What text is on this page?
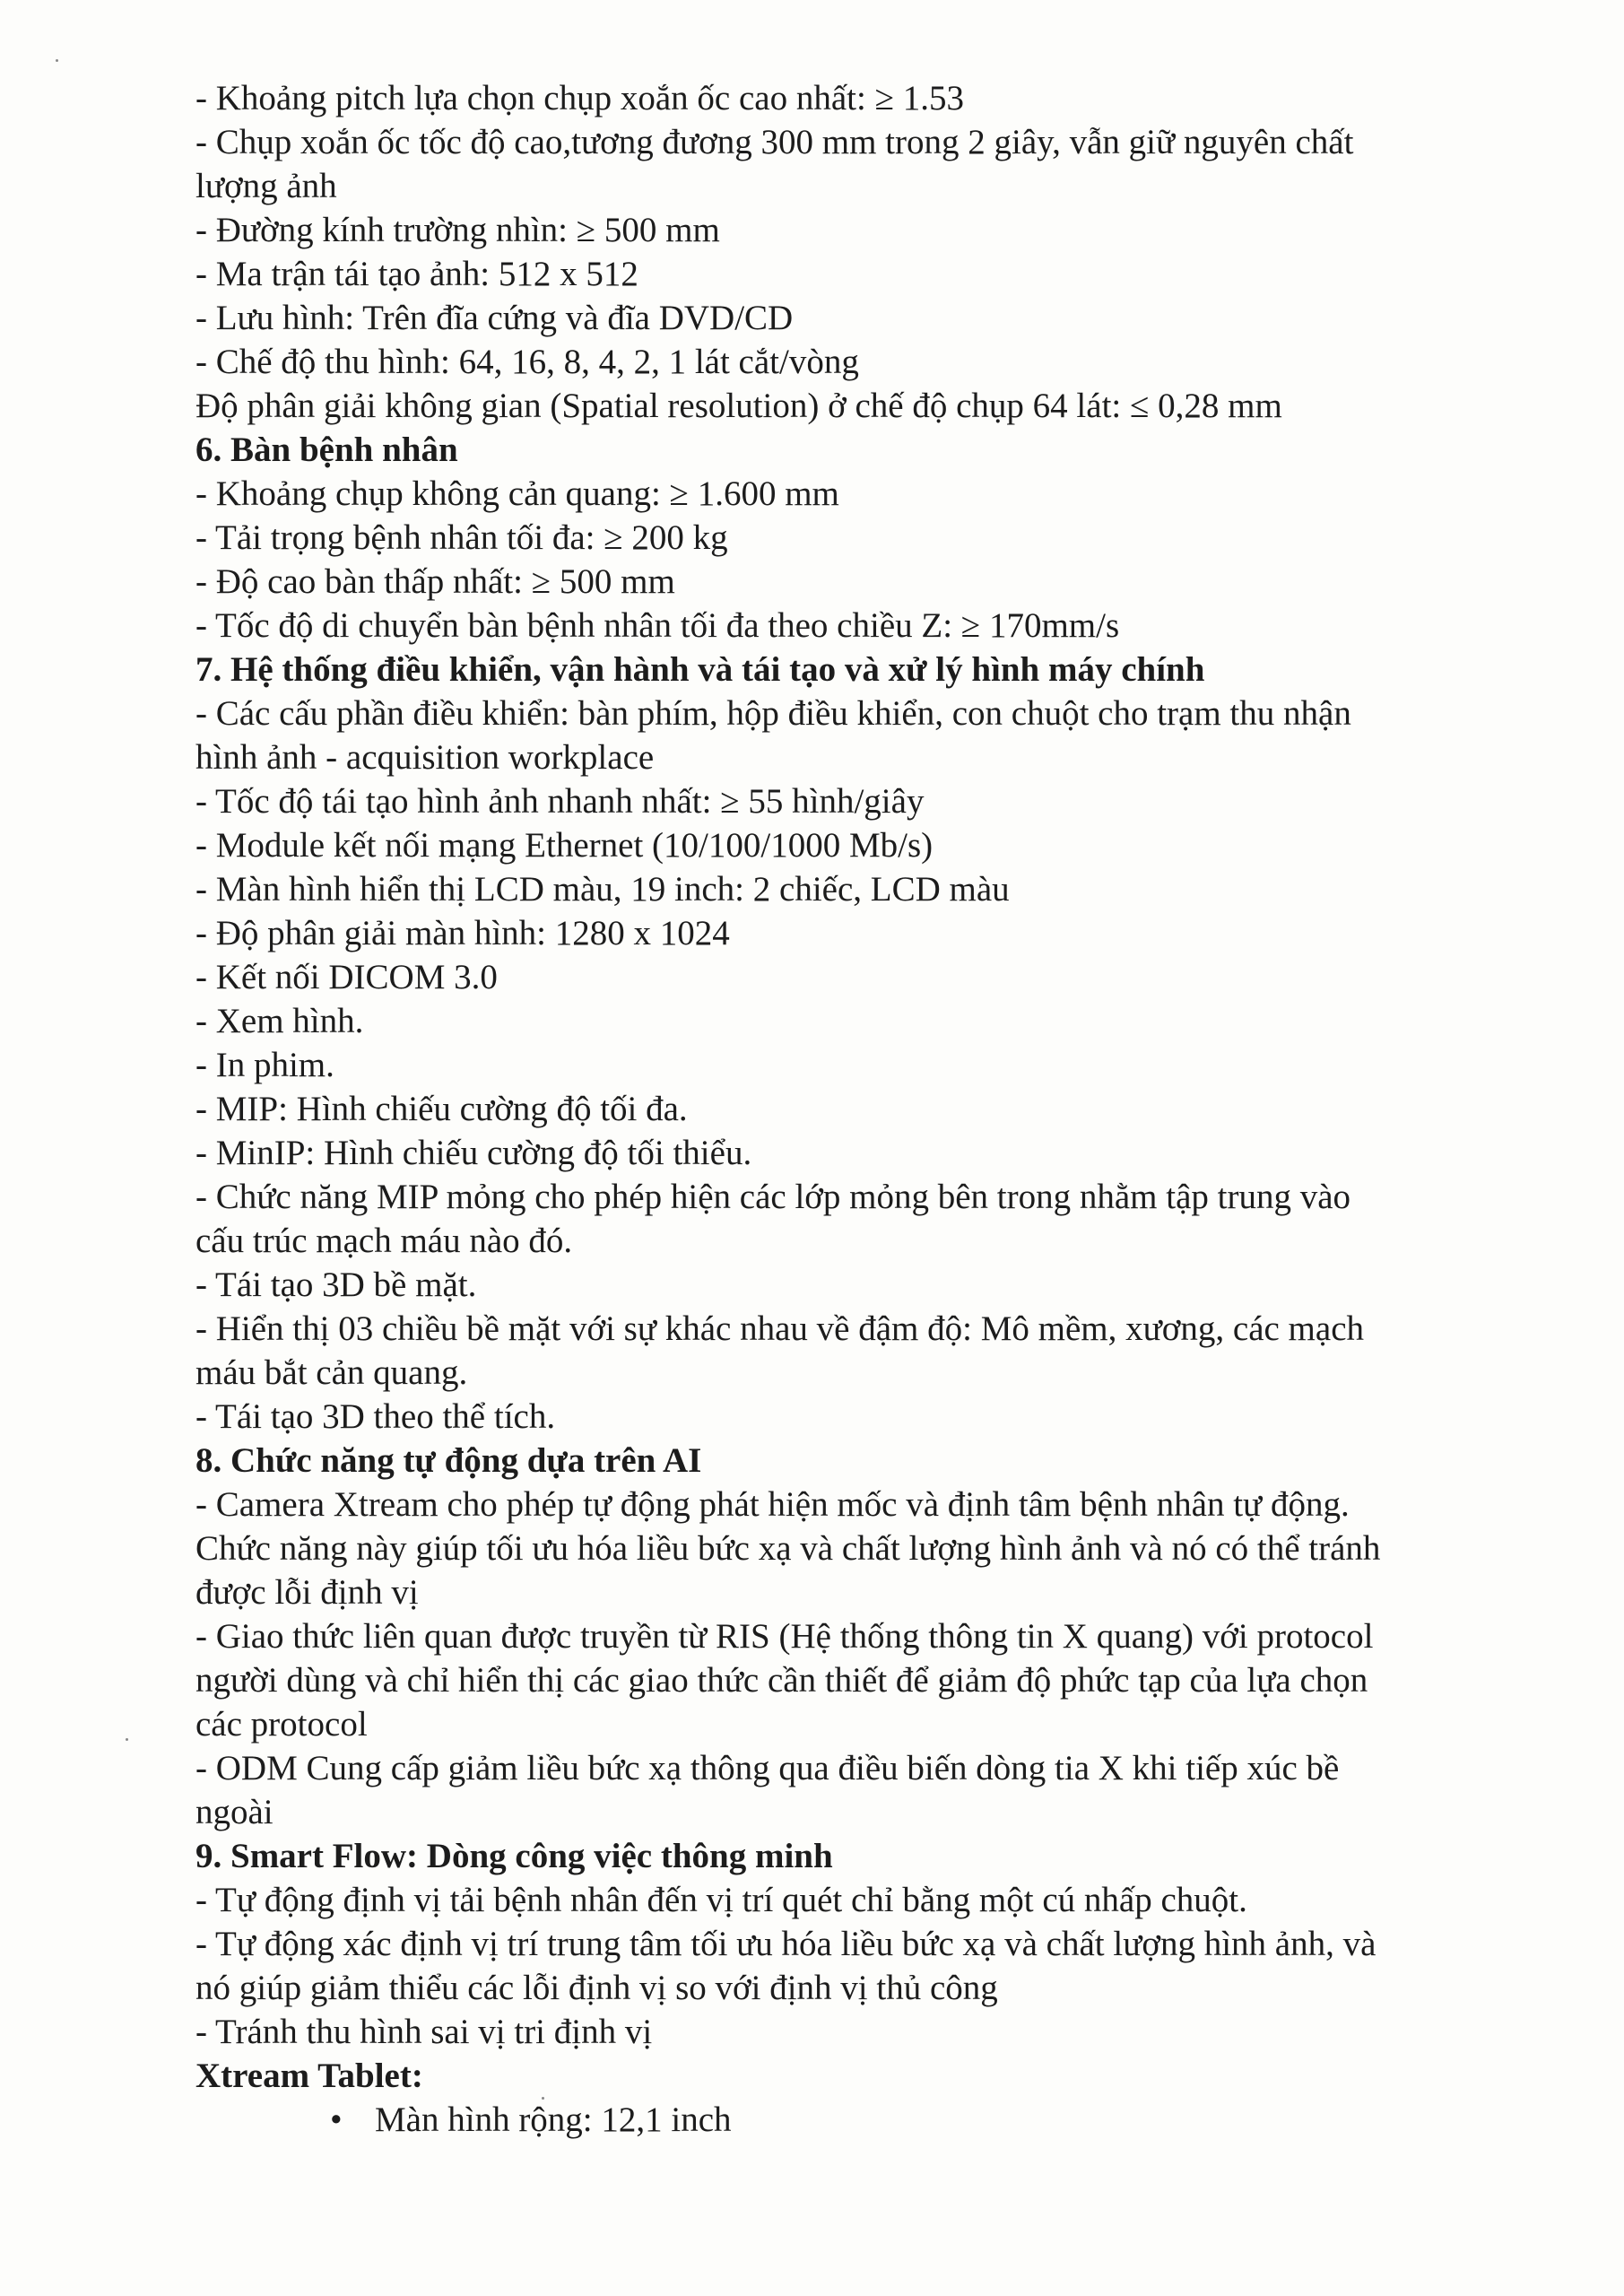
- Khoảng pitch lựa chọn chụp xoắn ốc cao nhất: ≥ 1.53
- Chụp xoắn ốc tốc độ cao,tương đương 300 mm trong 2 giây, vẫn giữ nguyên chất
lượng ảnh
- Đường kính trường nhìn: ≥ 500 mm
- Ma trận tái tạo ảnh: 512 x 512
- Lưu hình: Trên đĩa cứng và đĩa DVD/CD
- Chế độ thu hình: 64, 16, 8, 4, 2, 1 lát cắt/vòng
Độ phân giải không gian (Spatial resolution) ở chế độ chụp 64 lát: ≤ 0,28 mm
6. Bàn bệnh nhân
- Khoảng chụp không cản quang: ≥ 1.600 mm
- Tải trọng bệnh nhân tối đa: ≥ 200 kg
- Độ cao bàn thấp nhất: ≥ 500 mm
- Tốc độ di chuyển bàn bệnh nhân tối đa theo chiều Z: ≥ 170mm/s
7. Hệ thống điều khiển, vận hành và tái tạo và xử lý hình máy chính
- Các cấu phần điều khiển: bàn phím, hộp điều khiển, con chuột cho trạm thu nhận
hình ảnh - acquisition workplace
- Tốc độ tái tạo hình ảnh nhanh nhất: ≥ 55 hình/giây
- Module kết nối mạng Ethernet (10/100/1000 Mb/s)
- Màn hình hiển thị LCD màu, 19 inch: 2 chiếc, LCD màu
- Độ phân giải màn hình: 1280 x 1024
- Kết nối DICOM 3.0
- Xem hình.
- In phim.
- MIP: Hình chiếu cường độ tối đa.
- MinIP: Hình chiếu cường độ tối thiểu.
- Chức năng MIP mỏng cho phép hiện các lớp mỏng bên trong nhằm tập trung vào
cấu trúc mạch máu nào đó.
- Tái tạo 3D bề mặt.
- Hiển thị 03 chiều bề mặt với sự khác nhau về đậm độ: Mô mềm, xương, các mạch
máu bắt cản quang.
- Tái tạo 3D theo thể tích.
8. Chức năng tự động dựa trên AI
- Camera Xtream cho phép tự động phát hiện mốc và định tâm bệnh nhân tự động.
Chức năng này giúp tối ưu hóa liều bức xạ và chất lượng hình ảnh và nó có thể tránh
được lỗi định vị
- Giao thức liên quan được truyền từ RIS (Hệ thống thông tin X quang) với protocol
người dùng và chỉ hiển thị các giao thức cần thiết để giảm độ phức tạp của lựa chọn
các protocol
- ODM Cung cấp giảm liều bức xạ thông qua điều biến dòng tia X khi tiếp xúc bề
ngoài
9. Smart Flow: Dòng công việc thông minh
- Tự động định vị tải bệnh nhân đến vị trí quét chỉ bằng một cú nhấp chuột.
- Tự động xác định vị trí trung tâm tối ưu hóa liều bức xạ và chất lượng hình ảnh, và
nó giúp giảm thiểu các lỗi định vị so với định vị thủ công
- Tránh thu hình sai vị tri định vị
Xtream Tablet:
• Màn hình rộng: 12,1 inch
